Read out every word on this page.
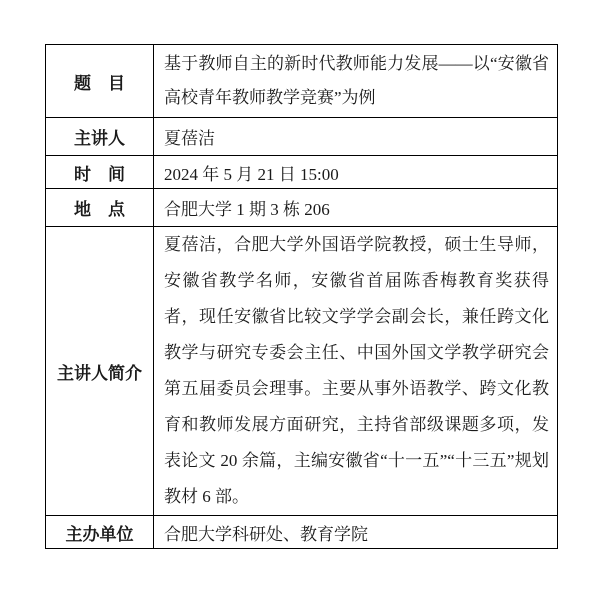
题　目	基于教师自主的新时代教师能力发展——以“安徽省高校青年教师教学竞赛”为例
主讲人	夏蓓洁
时　间	2024 年 5 月 21 日 15:00
地　点	合肥大学 1 期 3 栋 206
主讲人简介	夏蓓洁，合肥大学外国语学院教授，硕士生导师，安徽省教学名师，安徽省首届陈香梅教育奖获得者，现任安徽省比较文学学会副会长，兼任跨文化教学与研究专委会主任、中国外国文学教学研究会第五届委员会理事。主要从事外语教学、跨文化教育和教师发展方面研究，主持省部级课题多项，发表论文 20 余篇，主编安徽省“十一五”“十三五”规划教材 6 部。
主办单位	合肥大学科研处、教育学院
